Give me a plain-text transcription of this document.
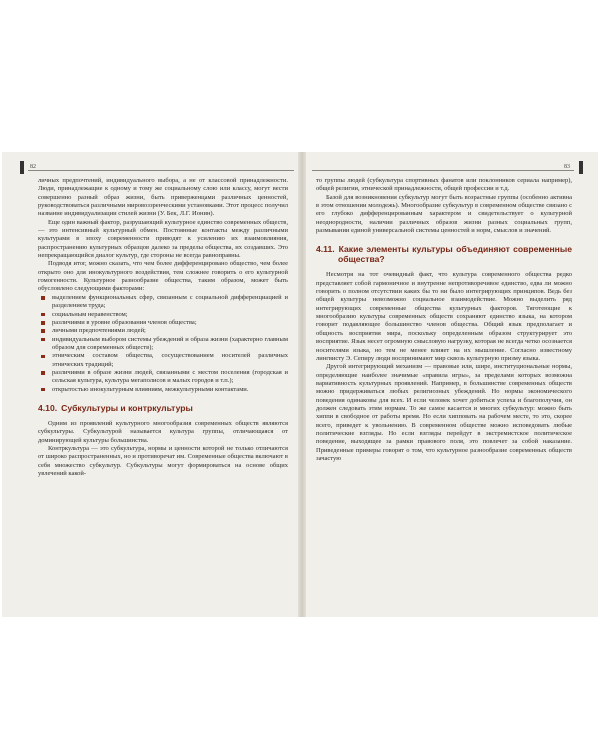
82

личных предпочтений, индивидуального выбора, а не от классовой принадлежности. Люди, принадлежащие к одному и тому же социальному слою или классу, могут вести совершенно разный образ жизни, быть приверженцами различных ценностей, руководствоваться различными мировоззренческими установками. Этот процесс получил название индивидуализации стилей жизни (У. Бек, Л.Г. Ионин).

Еще один важный фактор, разрушающий культурное единство современных обществ, — это интенсивный культурный обмен. Постоянные контакты между различными культурами в эпоху современности приводят к усилению их взаимовлияния, распространению культурных образцов далеко за пределы общества, их создавших. Это непрекращающийся диалог культур, где стороны не всегда равноправны.

Подводя итог, можно сказать, что чем более дифференцировано общество, чем более открыто оно для инокультурного воздействия, тем сложнее говорить о его культурной гомогенности. Культурное разнообразие общества, таким образом, может быть обусловлено следующими факторами:

выделением функциональных сфер, связанным с социальной дифференциацией и разделением труда;
социальным неравенством;
различиями в уровне образования членов общества;
личными предпочтениями людей;
индивидуальным выбором системы убеждений и образа жизни (характерно главным образом для современных обществ);
этническим составом общества, сосуществованием носителей различных этнических традиций;
различиями в образе жизни людей, связанными с местом поселения (городская и сельская культура, культура мегаполисов и малых городов и т.п.);
открытостью инокультурным влияниям, межкультурными контактами.
4.10. Субкультуры и контркультуры

Одним из проявлений культурного многообразия современных обществ являются субкультуры. Субкультурой называется культура группы, отличающаяся от доминирующей культуры большинства.

Контркультура — это субкультура, нормы и ценности которой не только отличаются от широко распространенных, но и противоречат им. Современные общества включают в себя множество субкультур. Субкультуры могут формироваться на основе общих увлечений какой-

83

то группы людей (субкультура спортивных фанатов или поклонников сериала например), общей религии, этнической принадлежности, общей профессии и т.д.

Базой для возникновения субкультур могут быть возрастные группы (особенно активна в этом отношении молодежь). Многообразие субкультур в современном обществе связано с его глубоко дифференцированным характером и свидетельствует о культурной неоднородности, наличии различных образов жизни разных социальных групп, размывании единой универсальной системы ценностей и норм, смыслов и значений.

4.11. Какие элементы культуры объединяют современные общества?

Несмотря на тот очевидный факт, что культура современного общества редко представляет собой гармоничное и внутренне непротиворечивое единство, едва ли можно говорить о полном отсутствии каких бы то ни было интегрирующих принципов. Ведь без общей культуры невозможно социальное взаимодействие. Можно выделить ряд интегрирующих современные общества культурных факторов. Тяготеющие к многообразию культуры современных обществ сохраняют единство языка, на котором говорит подавляющее большинство членов общества. Общий язык предполагает и общность восприятия мира, поскольку определенным образом структурирует это восприятие. Язык несет огромную смысловую нагрузку, которая не всегда четко осознается носителями языка, но тем не менее влияет на их мышление. Согласно известному лингвисту Э. Сепиру люди воспринимают мир сквозь культурную призму языка.

Другой интегрирующий механизм — правовые или, шире, институциональные нормы, определяющие наиболее значимые «правила игры», за пределами которых возможна вариативность культурных проявлений. Например, в большинстве современных обществ можно придерживаться любых религиозных убеждений. Но нормы экономического поведения одинаковы для всех. И если человек хочет добиться успеха и благополучия, он должен следовать этим нормам. То же самое касается и многих субкультур: можно быть хиппи в свободное от работы время. Но если хипповать на рабочем месте, то это, скорее всего, приведет к увольнению. В современном обществе можно исповедовать любые политические взгляды. Но если взгляды перейдут в экстремистское политическое поведение, выходящее за рамки правового поля, это повлечет за собой наказание. Приведенные примеры говорят о том, что культурное разнообразие современных обществ зачастую
